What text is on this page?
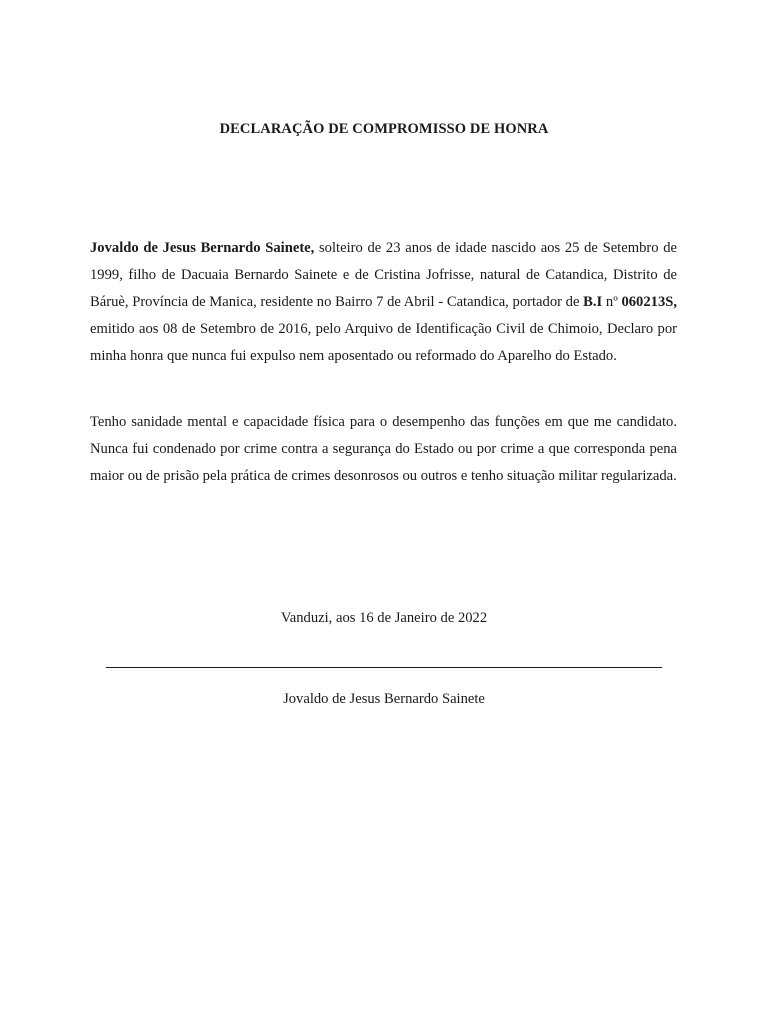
DECLARAÇÃO DE COMPROMISSO DE HONRA

Jovaldo de Jesus Bernardo Sainete, solteiro de 23 anos de idade nascido aos 25 de Setembro de 1999, filho de Dacuaia Bernardo Sainete e de Cristina Jofrisse, natural de Catandica, Distrito de Báruè, Província de Manica, residente no Bairro 7 de Abril - Catandica, portador de B.I nº 060213S, emitido aos 08 de Setembro de 2016, pelo Arquivo de Identificação Civil de Chimoio, Declaro por minha honra que nunca fui expulso nem aposentado ou reformado do Aparelho do Estado.

Tenho sanidade mental e capacidade física para o desempenho das funções em que me candidato. Nunca fui condenado por crime contra a segurança do Estado ou por crime a que corresponda pena maior ou de prisão pela prática de crimes desonrosos ou outros e tenho situação militar regularizada.

Vanduzi, aos 16 de Janeiro de 2022
Jovaldo de Jesus Bernardo Sainete
